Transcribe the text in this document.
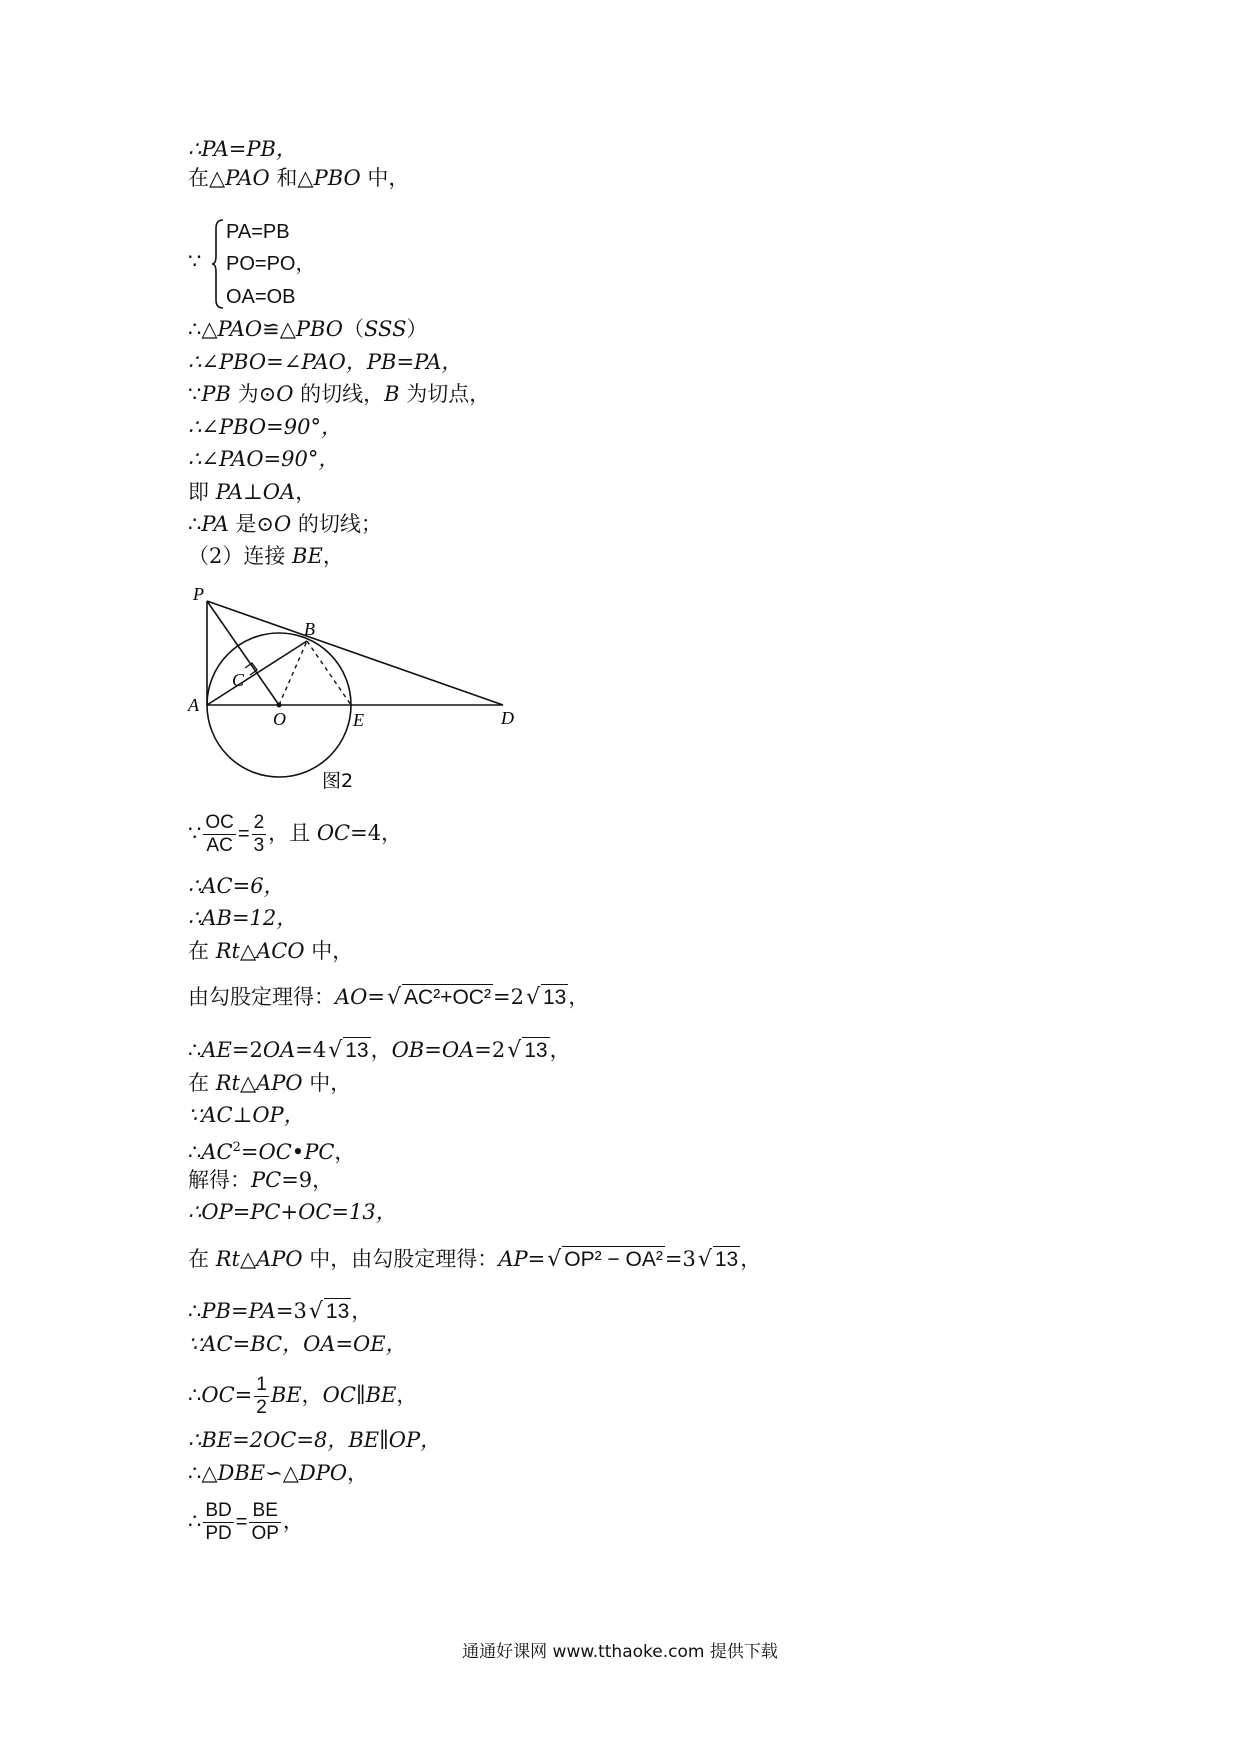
∴PA=PB，
在△PAO 和△PBO 中，
∵
PA=PB
PO=PO，
OA=OB
∴△PAO≌△PBO（SSS）
∴∠PBO=∠PAO，PB=PA，
∵PB 为⊙O 的切线，B 为切点，
∴∠PBO=90°，
∴∠PAO=90°，
即 PA⊥OA，
∴PA 是⊙O 的切线；
（2）连接 BE，
P
B
C
A
O	E	D
图2
∵ $\frac{OC}{AC} = \frac{2}{3}$ ，且 OC=4，
∴AC=6，
∴AB=12，
在 Rt△ACO 中，
由勾股定理得：AO=√ AC²+OC²=2√ 13，
∴AE=2OA=4√ 13，OB=OA=2√ 13，
在 Rt△APO 中，
∵AC⊥OP，
$\therefore AC^2=OC•PC$，
解得：PC=9，
∴OP=PC+OC=13，
在 Rt△APO 中，由勾股定理得：AP=√ OP² − OA²=3√ 13，
∴PB=PA=3√ 13，
∵AC=BC，OA=OE，
∴OC= $\frac{1}{2}$ BE，OC∥BE，
∴BE=2OC=8，BE∥OP，
∴△DBE∽△DPO，
∴ $\frac{BD}{PD} = \frac{BE}{OP}$ ，
通通好课网 www.tthaoke.com 提供下载
